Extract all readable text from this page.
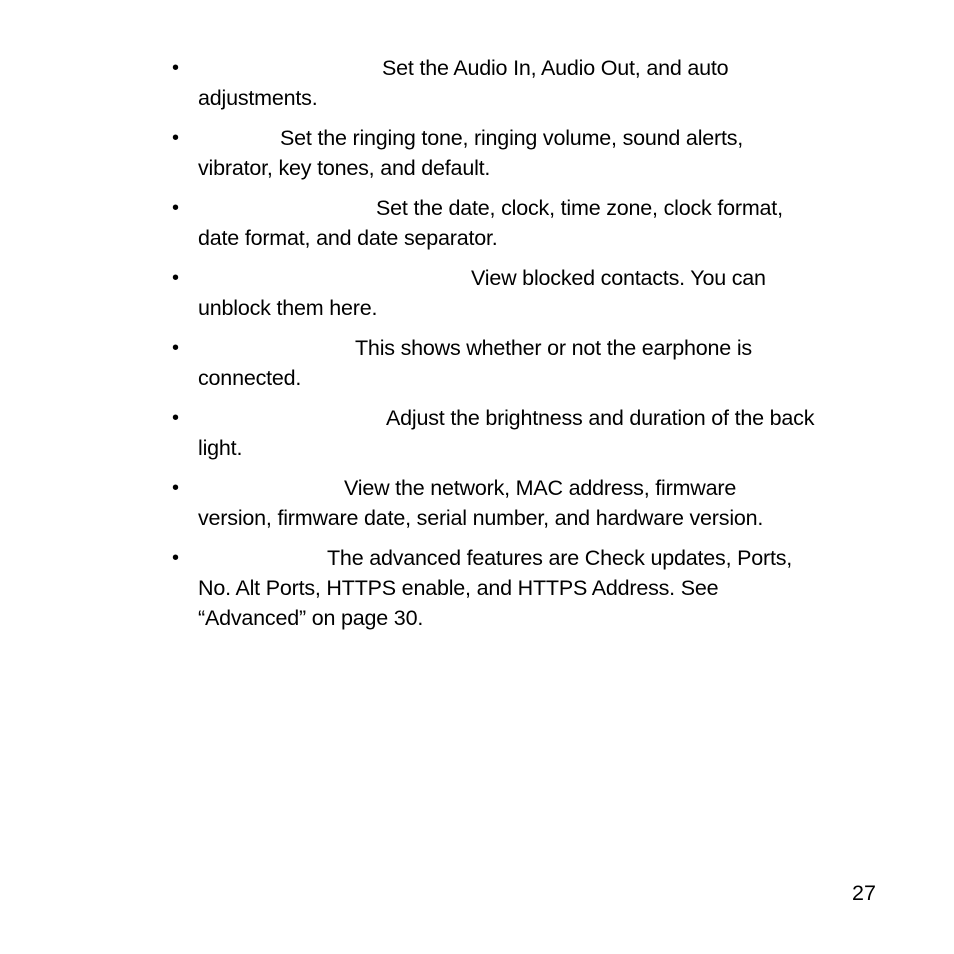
•	Set the Audio In, Audio Out, and auto
adjustments.
•	Set the ringing tone, ringing volume, sound alerts,
vibrator, key tones, and default.
•	Set the date, clock, time zone, clock format,
date format, and date separator.
•	View blocked contacts. You can
unblock them here.
•	This shows whether or not the earphone is
connected.
•	Adjust the brightness and duration of the back
light.
•	View the network, MAC address, firmware
version, firmware date, serial number, and hardware version.
•	The advanced features are Check updates, Ports,
No. Alt Ports, HTTPS enable, and HTTPS Address. See
“Advanced” on page 30.
27
